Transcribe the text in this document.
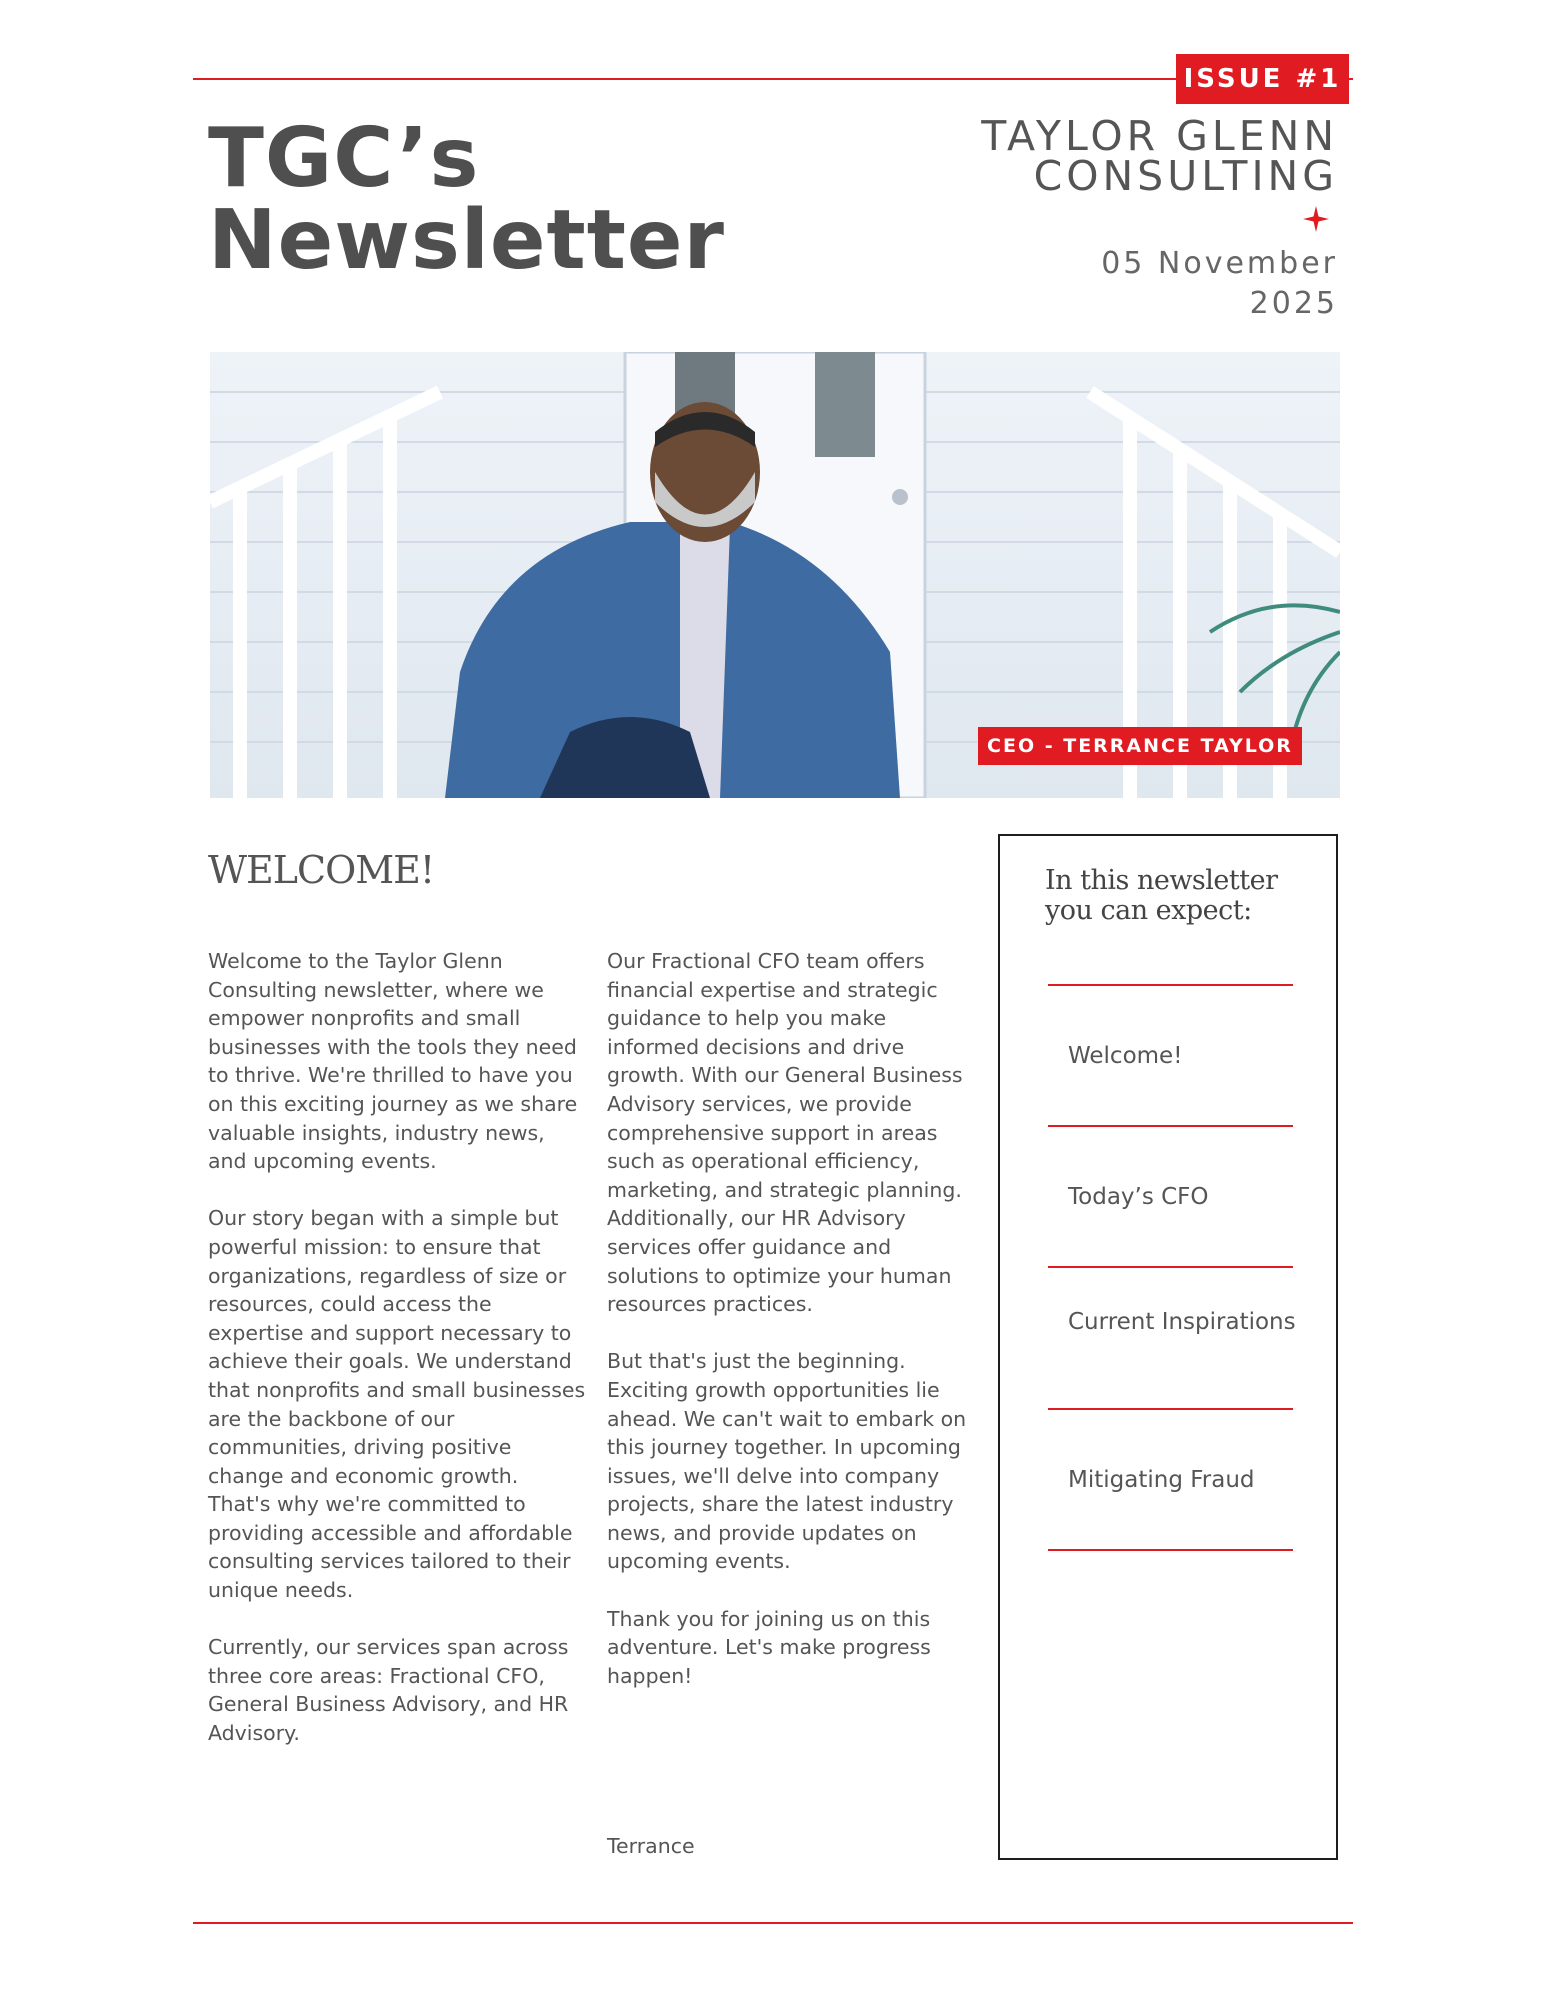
ISSUE #1
TGC’s
Newsletter
TAYLOR GLENN
CONSULTING
05 November
2025
CEO - TERRANCE TAYLOR
WELCOME!

Welcome to the Taylor Glenn Consulting newsletter, where we empower nonprofits and small businesses with the tools they need to thrive. We're thrilled to have you on this exciting journey as we share valuable insights, industry news, and upcoming events.

Our story began with a simple but powerful mission: to ensure that organizations, regardless of size or resources, could access the expertise and support necessary to achieve their goals. We understand that nonprofits and small businesses are the backbone of our communities, driving positive change and economic growth. That's why we're committed to providing accessible and affordable consulting services tailored to their unique needs.

Currently, our services span across three core areas: Fractional CFO, General Business Advisory, and HR Advisory.

Our Fractional CFO team offers financial expertise and strategic guidance to help you make informed decisions and drive growth. With our General Business Advisory services, we provide comprehensive support in areas such as operational efficiency, marketing, and strategic planning. Additionally, our HR Advisory services offer guidance and solutions to optimize your human resources practices.

But that's just the beginning. Exciting growth opportunities lie ahead. We can't wait to embark on this journey together. In upcoming issues, we'll delve into company projects, share the latest industry news, and provide updates on upcoming events.

Thank you for joining us on this adventure. Let's make progress happen!

Terrance
In this newsletter
you can expect:
Welcome!
Today’s CFO
Current Inspirations
Mitigating Fraud
